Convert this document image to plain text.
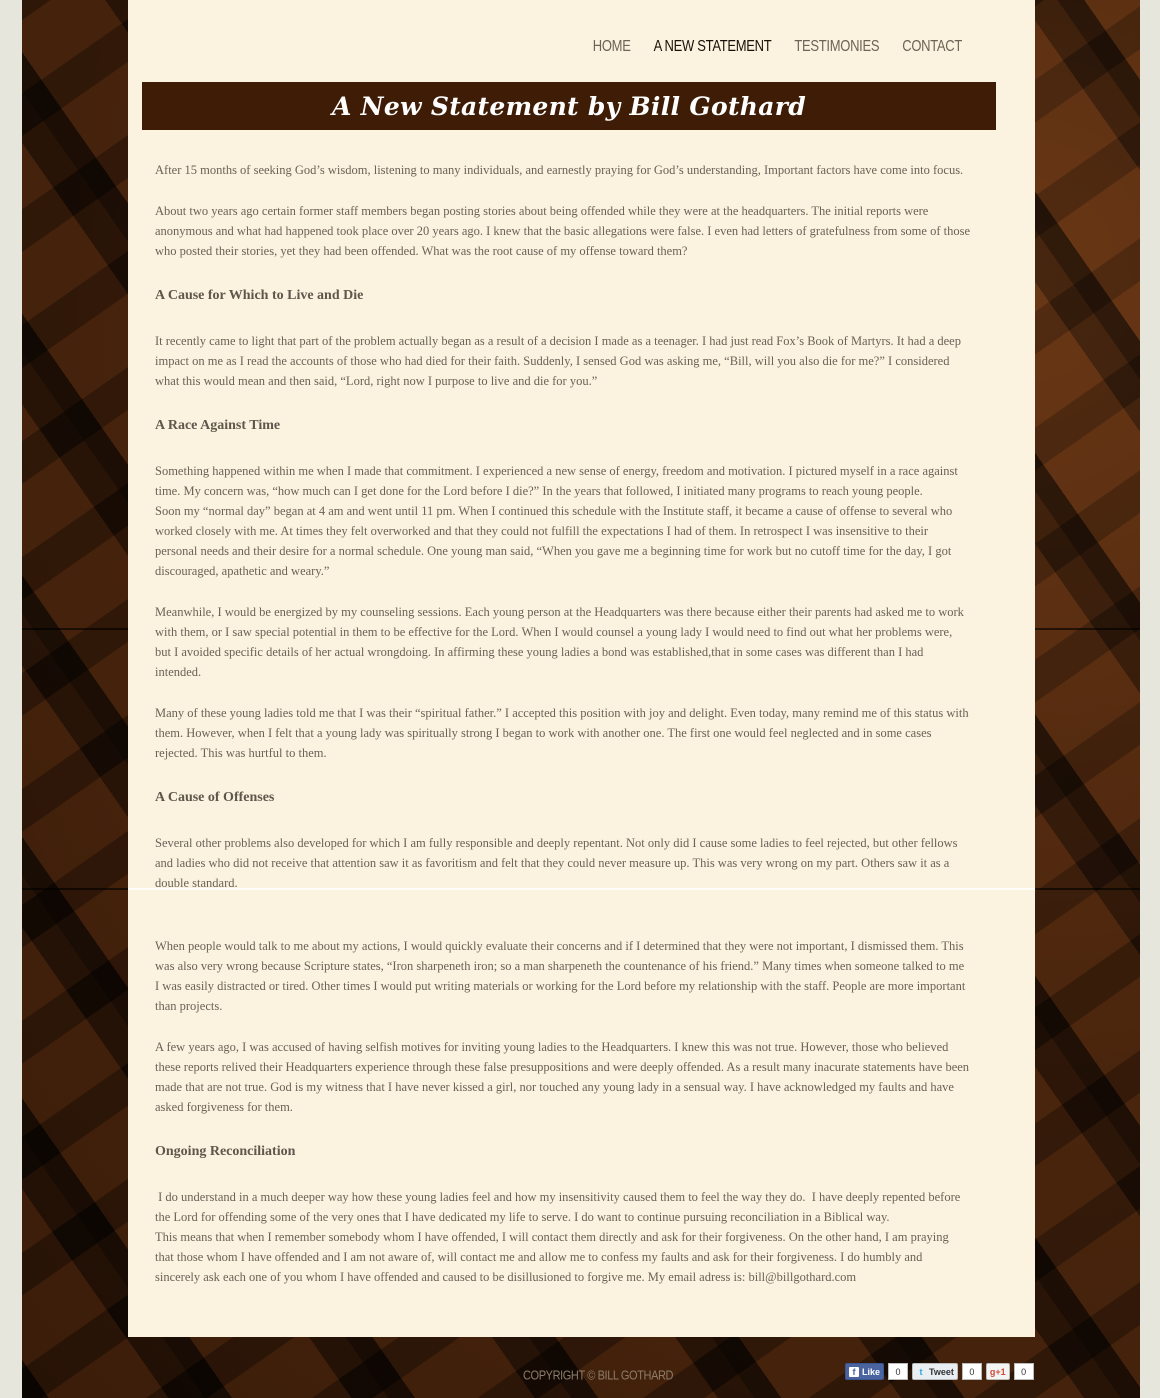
HOME A NEW STATEMENT TESTIMONIES CONTACT
A New Statement by Bill Gothard

After 15 months of seeking God’s wisdom, listening to many individuals, and earnestly praying for God’s understanding, Important factors have come into focus.

About two years ago certain former staff members began posting stories about being offended while they were at the headquarters. The initial reports were anonymous and what had happened took place over 20 years ago. I knew that the basic allegations were false. I even had letters of gratefulness from some of those who posted their stories, yet they had been offended. What was the root cause of my offense toward them?

A Cause for Which to Live and Die

It recently came to light that part of the problem actually began as a result of a decision I made as a teenager. I had just read Fox’s Book of Martyrs. It had a deep impact on me as I read the accounts of those who had died for their faith. Suddenly, I sensed God was asking me, “Bill, will you also die for me?” I considered what this would mean and then said, “Lord, right now I purpose to live and die for you.”

A Race Against Time

Something happened within me when I made that commitment. I experienced a new sense of energy, freedom and motivation. I pictured myself in a race against time. My concern was, “how much can I get done for the Lord before I die?” In the years that followed, I initiated many programs to reach young people.

Soon my “normal day” began at 4 am and went until 11 pm. When I continued this schedule with the Institute staff, it became a cause of offense to several who worked closely with me. At times they felt overworked and that they could not fulfill the expectations I had of them. In retrospect I was insensitive to their personal needs and their desire for a normal schedule. One young man said, “When you gave me a beginning time for work but no cutoff time for the day, I got discouraged, apathetic and weary.”

Meanwhile, I would be energized by my counseling sessions. Each young person at the Headquarters was there because either their parents had asked me to work with them, or I saw special potential in them to be effective for the Lord. When I would counsel a young lady I would need to find out what her problems were, but I avoided specific details of her actual wrongdoing. In affirming these young ladies a bond was established,that in some cases was different than I had intended.

Many of these young ladies told me that I was their “spiritual father.” I accepted this position with joy and delight. Even today, many remind me of this status with them. However, when I felt that a young lady was spiritually strong I began to work with another one. The first one would feel neglected and in some cases rejected. This was hurtful to them.

A Cause of Offenses

Several other problems also developed for which I am fully responsible and deeply repentant. Not only did I cause some ladies to feel rejected, but other fellows and ladies who did not receive that attention saw it as favoritism and felt that they could never measure up. This was very wrong on my part. Others saw it as a double standard.

When people would talk to me about my actions, I would quickly evaluate their concerns and if I determined that they were not important, I dismissed them. This was also very wrong because Scripture states, “Iron sharpeneth iron; so a man sharpeneth the countenance of his friend.” Many times when someone talked to me I was easily distracted or tired. Other times I would put writing materials or working for the Lord before my relationship with the staff. People are more important than projects.

A few years ago, I was accused of having selfish motives for inviting young ladies to the Headquarters. I knew this was not true. However, those who believed these reports relived their Headquarters experience through these false presuppositions and were deeply offended. As a result many inacurate statements have been made that are not true. God is my witness that I have never kissed a girl, nor touched any young lady in a sensual way. I have acknowledged my faults and have asked forgiveness for them.

Ongoing Reconciliation

I do understand in a much deeper way how these young ladies feel and how my insensitivity caused them to feel the way they do.  I have deeply repented before the Lord for offending some of the very ones that I have dedicated my life to serve. I do want to continue pursuing reconciliation in a Biblical way.

This means that when I remember somebody whom I have offended, I will contact them directly and ask for their forgiveness. On the other hand, I am praying that those whom I have offended and I am not aware of, will contact me and allow me to confess my faults and ask for their forgiveness. I do humbly and sincerely ask each one of you whom I have offended and caused to be disillusioned to forgive me. My email adress is: bill@billgothard.com

COPYRIGHT © BILL GOTHARD	f Like	0	t Tweet	0	g+1	0
